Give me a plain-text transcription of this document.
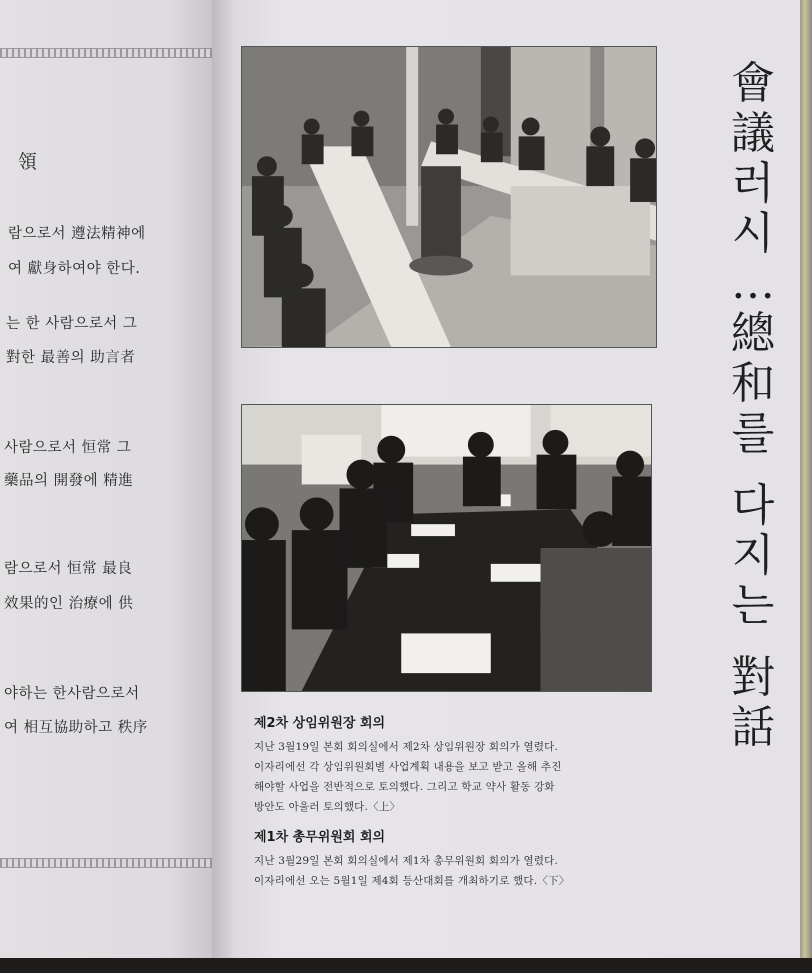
領
람으로서 遵法精神에
여 獻身하여야 한다.
는 한 사람으로서 그
對한 最善의 助言者
사람으로서 恒常 그
藥品의 開發에 精進
람으로서 恒常 最良
效果的인 治療에 供
야하는 한사람으로서
여 相互協助하고 秩序
會
議
러
시
…
總
和
를
다
지
는
對
話
제2차 상임위원장 회의

지난 3월19일 본회 회의실에서 제2차 상임위원장 회의가 열렸다.

이자리에선 각 상임위원회별 사업계획 내용을 보고 받고 올해 추진

해야할 사업을 전반적으로 토의했다. 그리고 학교 약사 활동 강화

방안도 아울러 토의했다.〈上〉

제1차 총무위원회 회의

지난 3월29일 본회 회의실에서 제1차 총무위원회 회의가 열렸다.

이자리에선 오는 5월1일 제4회 등산대회를 개최하기로 했다.〈下〉
